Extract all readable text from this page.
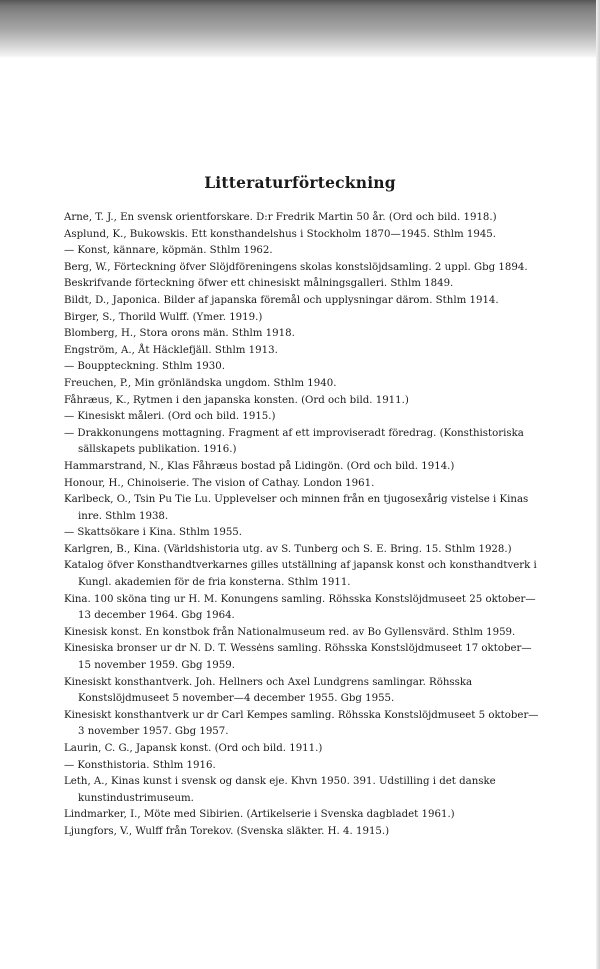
Litteraturförteckning
Arne, T. J., En svensk orientforskare. D:r Fredrik Martin 50 år. (Ord och bild. 1918.)
Asplund, K., Bukowskis. Ett konsthandelshus i Stockholm 1870—1945. Sthlm 1945.
— Konst, kännare, köpmän. Sthlm 1962.
Berg, W., Förteckning öfver Slöjdföreningens skolas konstslöjdsamling. 2 uppl. Gbg 1894.
Beskrifvande förteckning öfwer ett chinesiskt målningsgalleri. Sthlm 1849.
Bildt, D., Japonica. Bilder af japanska föremål och upplysningar därom. Sthlm 1914.
Birger, S., Thorild Wulff. (Ymer. 1919.)
Blomberg, H., Stora orons män. Sthlm 1918.
Engström, A., Åt Häcklefjäll. Sthlm 1913.
— Bouppteckning. Sthlm 1930.
Freuchen, P., Min grönländska ungdom. Sthlm 1940.
Fåhræus, K., Rytmen i den japanska konsten. (Ord och bild. 1911.)
— Kinesiskt måleri. (Ord och bild. 1915.)
— Drakkonungens mottagning. Fragment af ett improviseradt föredrag. (Konsthistoriska sällskapets publikation. 1916.)
Hammarstrand, N., Klas Fåhræus bostad på Lidingön. (Ord och bild. 1914.)
Honour, H., Chinoiserie. The vision of Cathay. London 1961.
Karlbeck, O., Tsin Pu Tie Lu. Upplevelser och minnen från en tjugosexårig vistelse i Kinas inre. Sthlm 1938.
— Skattsökare i Kina. Sthlm 1955.
Karlgren, B., Kina. (Världshistoria utg. av S. Tunberg och S. E. Bring. 15. Sthlm 1928.)
Katalog öfver Konsthandtverkarnes gilles utställning af japansk konst och konsthandtverk i Kungl. akademien för de fria konsterna. Sthlm 1911.
Kina. 100 sköna ting ur H. M. Konungens samling. Röhsska Konstslöjdmuseet 25 oktober—13 december 1964. Gbg 1964.
Kinesisk konst. En konstbok från Nationalmuseum red. av Bo Gyllensvärd. Sthlm 1959.
Kinesiska bronser ur dr N. D. T. Wessėns samling. Röhsska Konstslöjdmuseet 17 oktober—15 november 1959. Gbg 1959.
Kinesiskt konsthantverk. Joh. Hellners och Axel Lundgrens samlingar. Röhsska Konstslöjdmuseet 5 november—4 december 1955. Gbg 1955.
Kinesiskt konsthantverk ur dr Carl Kempes samling. Röhsska Konstslöjdmuseet 5 oktober—3 november 1957. Gbg 1957.
Laurin, C. G., Japansk konst. (Ord och bild. 1911.)
— Konsthistoria. Sthlm 1916.
Leth, A., Kinas kunst i svensk og dansk eje. Khvn 1950. 391. Udstilling i det danske kunstindustrimuseum.
Lindmarker, I., Möte med Sibirien. (Artikelserie i Svenska dagbladet 1961.)
Ljungfors, V., Wulff från Torekov. (Svenska släkter. H. 4. 1915.)
